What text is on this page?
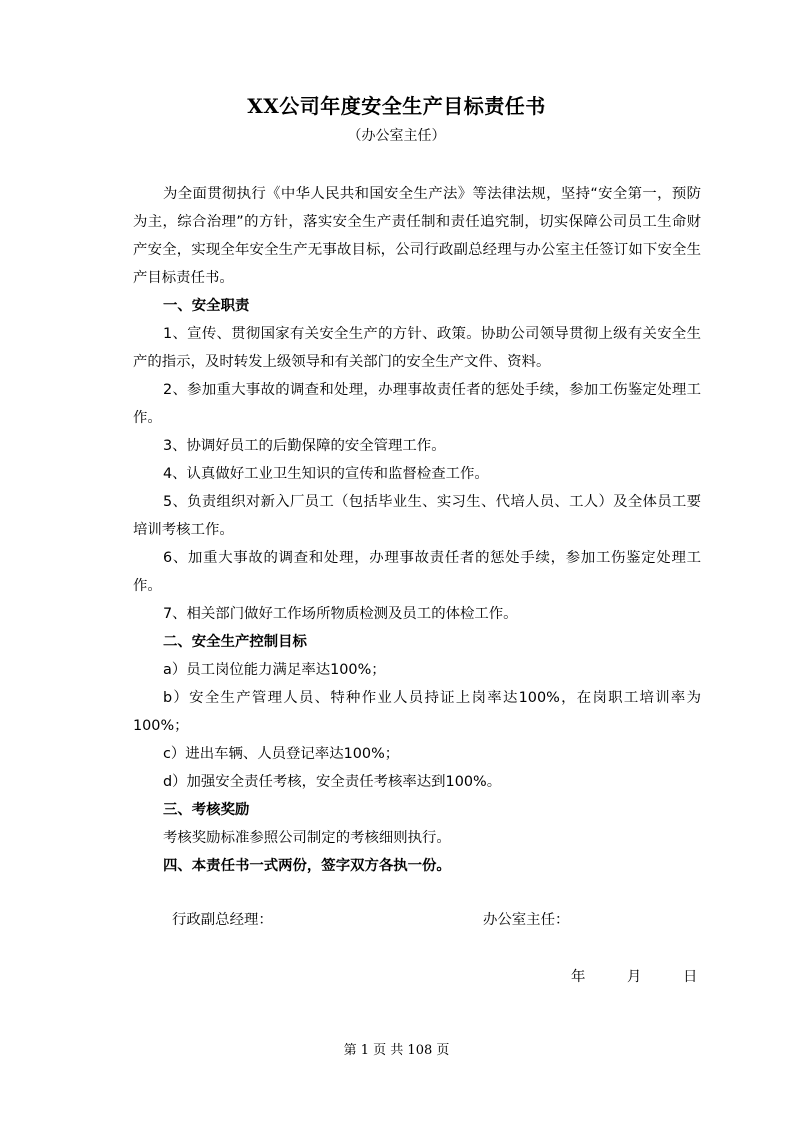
XX公司年度安全生产目标责任书
（办公室主任）

为全面贯彻执行《中华人民共和国安全生产法》等法律法规，坚持“安全第一，预防为主，综合治理”的方针，落实安全生产责任制和责任追究制，切实保障公司员工生命财产安全，实现全年安全生产无事故目标，公司行政副总经理与办公室主任签订如下安全生产目标责任书。

一、安全职责

1、宣传、贯彻国家有关安全生产的方针、政策。协助公司领导贯彻上级有关安全生产的指示，及时转发上级领导和有关部门的安全生产文件、资料。

2、参加重大事故的调查和处理，办理事故责任者的惩处手续，参加工伤鉴定处理工作。

3、协调好员工的后勤保障的安全管理工作。

4、认真做好工业卫生知识的宣传和监督检查工作。

5、负责组织对新入厂员工（包括毕业生、实习生、代培人员、工人）及全体员工要培训考核工作。

6、加重大事故的调查和处理，办理事故责任者的惩处手续，参加工伤鉴定处理工作。

7、相关部门做好工作场所物质检测及员工的体检工作。

二、安全生产控制目标

a）员工岗位能力满足率达100%；

b）安全生产管理人员、特种作业人员持证上岗率达100%，在岗职工培训率为100%；

c）进出车辆、人员登记率达100%；

d）加强安全责任考核，安全责任考核率达到100%。

三、考核奖励

考核奖励标准参照公司制定的考核细则执行。

四、本责任书一式两份，签字双方各执一份。

行政副总经理：	办公室主任：
年	月	日
第 1 页 共 108 页
